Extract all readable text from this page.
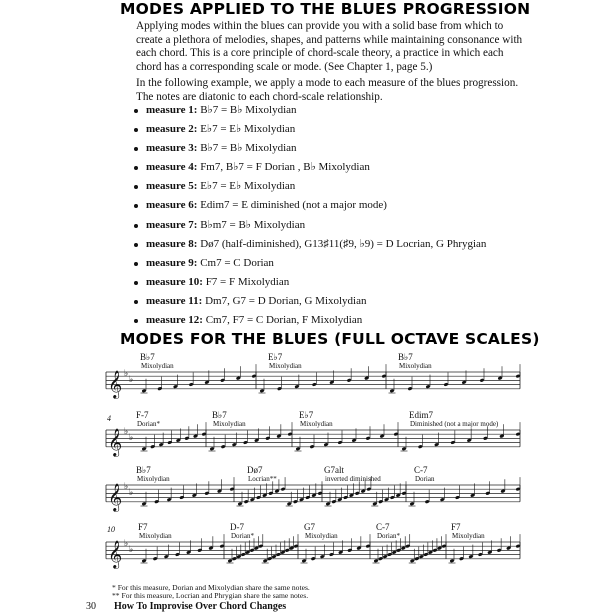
MODES APPLIED TO THE BLUES PROGRESSION

Applying modes within the blues can provide you with a solid base from which to create a plethora of melodies, shapes, and patterns while maintaining consonance with each chord. This is a core principle of chord-scale theory, a practice in which each chord has a corresponding scale or mode. (See Chapter 1, page 5.)

In the following example, we apply a mode to each measure of the blues progression. The notes are diatonic to each chord-scale relationship.

measure 1: B♭7 = B♭ Mixolydian
measure 2: E♭7 = E♭ Mixolydian
measure 3: B♭7 = B♭ Mixolydian
measure 4: Fm7, B♭7 = F Dorian , B♭ Mixolydian
measure 5: E♭7 = E♭ Mixolydian
measure 6: Edim7 = E diminished (not a major mode)
measure 7: B♭m7 = B♭ Mixolydian
measure 8: Dø7 (half-diminished), G13♯11(♯9, ♭9) = D Locrian, G Phrygian
measure 9: Cm7 = C Dorian
measure 10: F7 = F Mixolydian
measure 11: Dm7, G7 = D Dorian, G Mixolydian
measure 12: Cm7, F7 = C Dorian, F Mixolydian
MODES FOR THE BLUES (FULL OCTAVE SCALES)
B♭7
Mixolydian
E♭7
Mixolydian
B♭7
Mixolydian
𝄞 ♭
♭
4	F-7
Dorian*
B♭7
Mixolydian
E♭7
Mixolydian
Edim7
Diminished (not a major mode)
𝄞 ♭
♭
B♭7
Mixolydian
Dø7
Locrian**
G7alt
inverted diminished
C-7
Dorian
𝄞 ♭
♭
10	F7
Mixolydian
D-7
Dorian*
G7
Mixolydian
C-7
Dorian*
F7
Mixolydian
𝄞 ♭
♭
* For this measure, Dorian and Mixolydian share the same notes.
** For this measure, Locrian and Phrygian share the same notes.
30 How To Improvise Over Chord Changes
